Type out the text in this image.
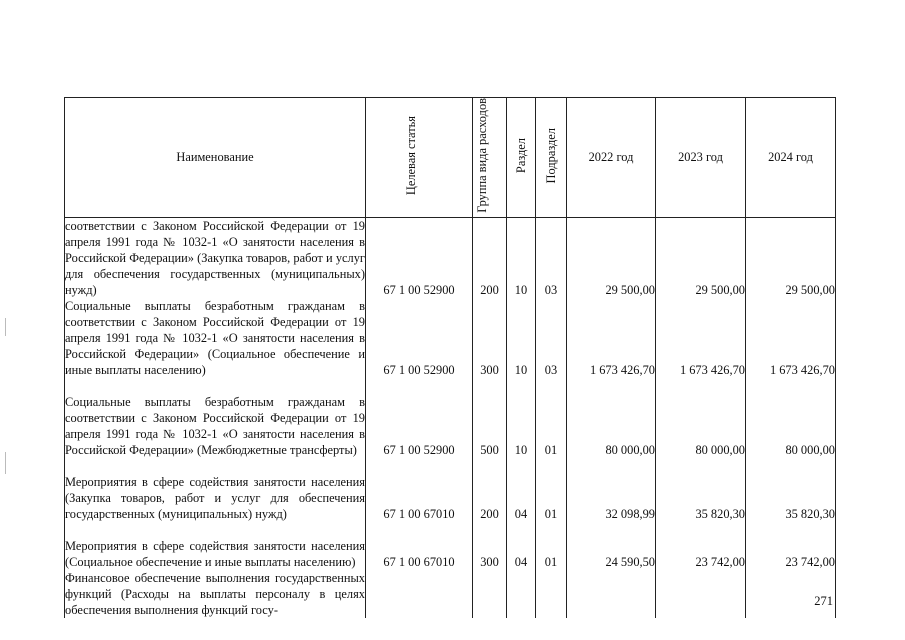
Наименование	Целевая статья	Группа вида расходов	Раздел	Подраздел	2022 год	2023 год	2024 год
соответствии с Законом Российской Федерации от 19 апреля 1991 года № 1032-1 «О занятости населения в Российской Федерации» (Закупка товаров, работ и услуг для обеспечения государственных (муниципальных) нужд)	67 1 00 52900	200	10	03	29 500,00	29 500,00	29 500,00
Социальные выплаты безработным гражданам в соответствии с Законом Российской Федерации от 19 апреля 1991 года № 1032-1 «О занятости населения в Российской Федерации» (Социальное обеспечение и иные выплаты населению)	67 1 00 52900	300	10	03	1 673 426,70	1 673 426,70	1 673 426,70
Социальные выплаты безработным гражданам в соответствии с Законом Российской Федерации от 19 апреля 1991 года № 1032-1 «О занятости населения в Российской Федерации» (Межбюджетные трансферты)	67 1 00 52900	500	10	01	80 000,00	80 000,00	80 000,00
Мероприятия в сфере содействия занятости населения (Закупка товаров, работ и услуг для обеспечения государственных (муниципальных) нужд)	67 1 00 67010	200	04	01	32 098,99	35 820,30	35 820,30
Мероприятия в сфере содействия занятости населения (Социальное обеспечение и иные выплаты населению)	67 1 00 67010	300	04	01	24 590,50	23 742,00	23 742,00
Финансовое обеспечение выполнения государственных функций (Расходы на выплаты персоналу в целях обеспечения выполнения функций госу-							
271
